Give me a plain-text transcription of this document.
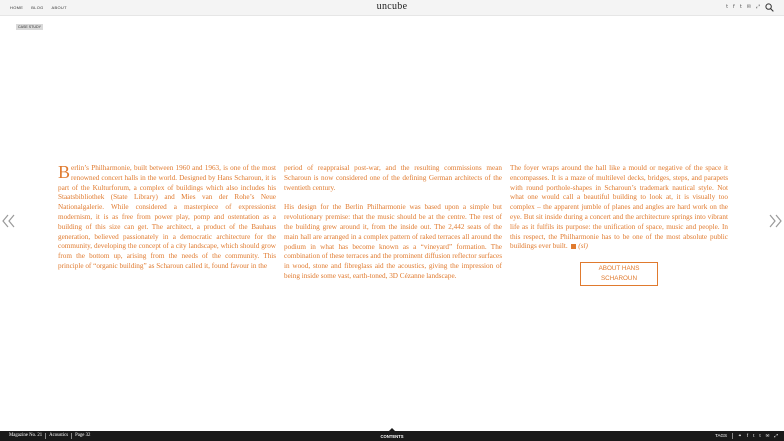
HOME BLOG ABOUT	uncube	t f t ✉ ⤢
CASE STUDY

Berlin’s Philharmonie, built between 1960 and 1963, is one of the most renowned concert halls in the world. Designed by Hans Scharoun, it is part of the Kulturforum, a complex of buildings which also includes his Staatsbibliothek (State Library) and Mies van der Rohe’s Neue Nationalgalerie. While considered a masterpiece of expressionist modernism, it is as free from power play, pomp and ostentation as a building of this size can get. The architect, a product of the Bauhaus generation, believed passionately in a democratic architecture for the community, developing the concept of a city landscape, which should grow from the bottom up, arising from the needs of the community. This principle of “organic building” as Scharoun called it, found favour in the

period of reappraisal post-war, and the resulting commissions mean Scharoun is now considered one of the defining German architects of the twentieth century.

His design for the Berlin Philharmonie was based upon a simple but revolutionary premise: that the music should be at the centre. The rest of the building grew around it, from the inside out. The 2,442 seats of the main hall are arranged in a complex pattern of raked terraces all around the podium in what has become known as a “vineyard” formation. The combination of these terraces and the prominent diffusion reflector surfaces in wood, stone and fibreglass aid the acoustics, giving the impression of being inside some vast, earth-toned, 3D Cézanne landscape.

The foyer wraps around the hall like a mould or negative of the space it encompasses. It is a maze of multilevel decks, bridges, steps, and parapets with round porthole-shapes in Scharoun’s trademark nautical style. Not what one would call a beautiful building to look at, it is visually too complex – the apparent jumble of planes and angles are hard work on the eye. But sit inside during a concert and the architecture springs into vibrant life as it fulfils its purpose: the unification of space, music and people. In this respect, the Philharmonie has to be one of the most absolute public buildings ever built. (sl)

ABOUT HANS SCHAROUN
Magazine No. 21	Acoustics	Page 32	CONTENTS	TAGS ⚭ f t t ✉ ⤢
